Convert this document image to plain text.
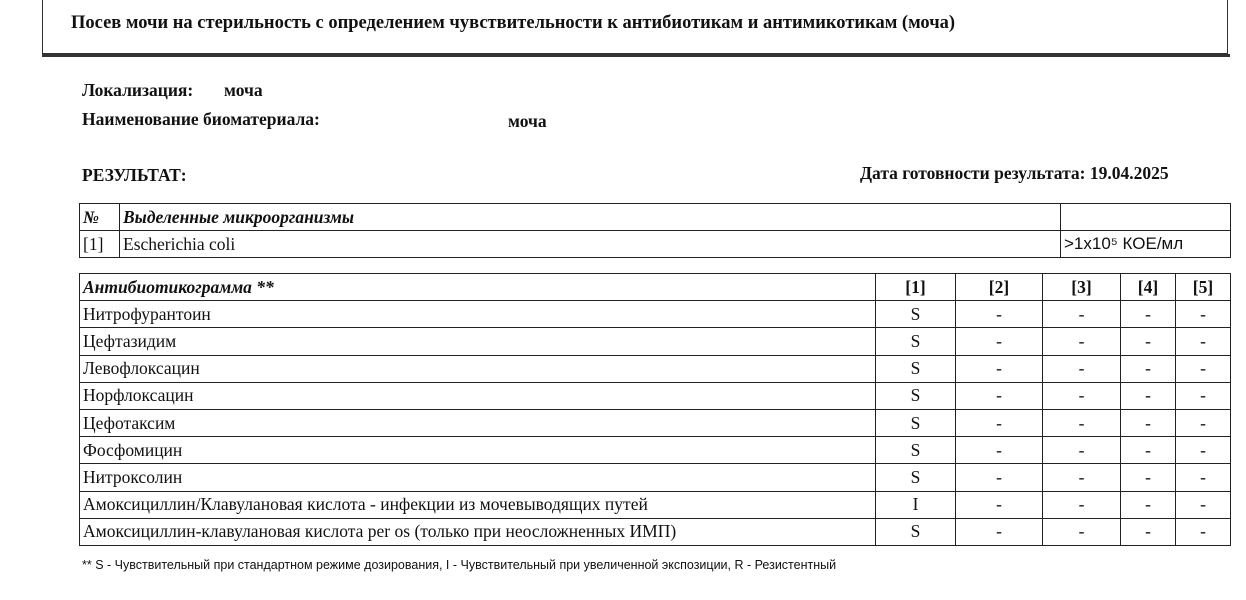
Посев мочи на стерильность с определением чувствительности к антибиотикам и антимикотикам (моча)
Локализация: моча
Наименование биоматериала:	моча
РЕЗУЛЬТАТ:	Дата готовности результата: 19.04.2025
№	Выделенные микроорганизмы	
[1]	Escherichia coli	>1x10⁵ КОЕ/мл
Антибиотикограмма **	[1]	[2]	[3]	[4]	[5]
Нитрофурантоин	S	-	-	-	-
Цефтазидим	S	-	-	-	-
Левофлоксацин	S	-	-	-	-
Норфлоксацин	S	-	-	-	-
Цефотаксим	S	-	-	-	-
Фосфомицин	S	-	-	-	-
Нитроксолин	S	-	-	-	-
Амоксициллин/Клавулановая кислота - инфекции из мочевыводящих путей	I	-	-	-	-
Амоксициллин-клавулановая кислота per os (только при неосложненных ИМП)	S	-	-	-	-
** S - Чувствительный при стандартном режиме дозирования, I - Чувствительный при увеличенной экспозиции, R - Резистентный
